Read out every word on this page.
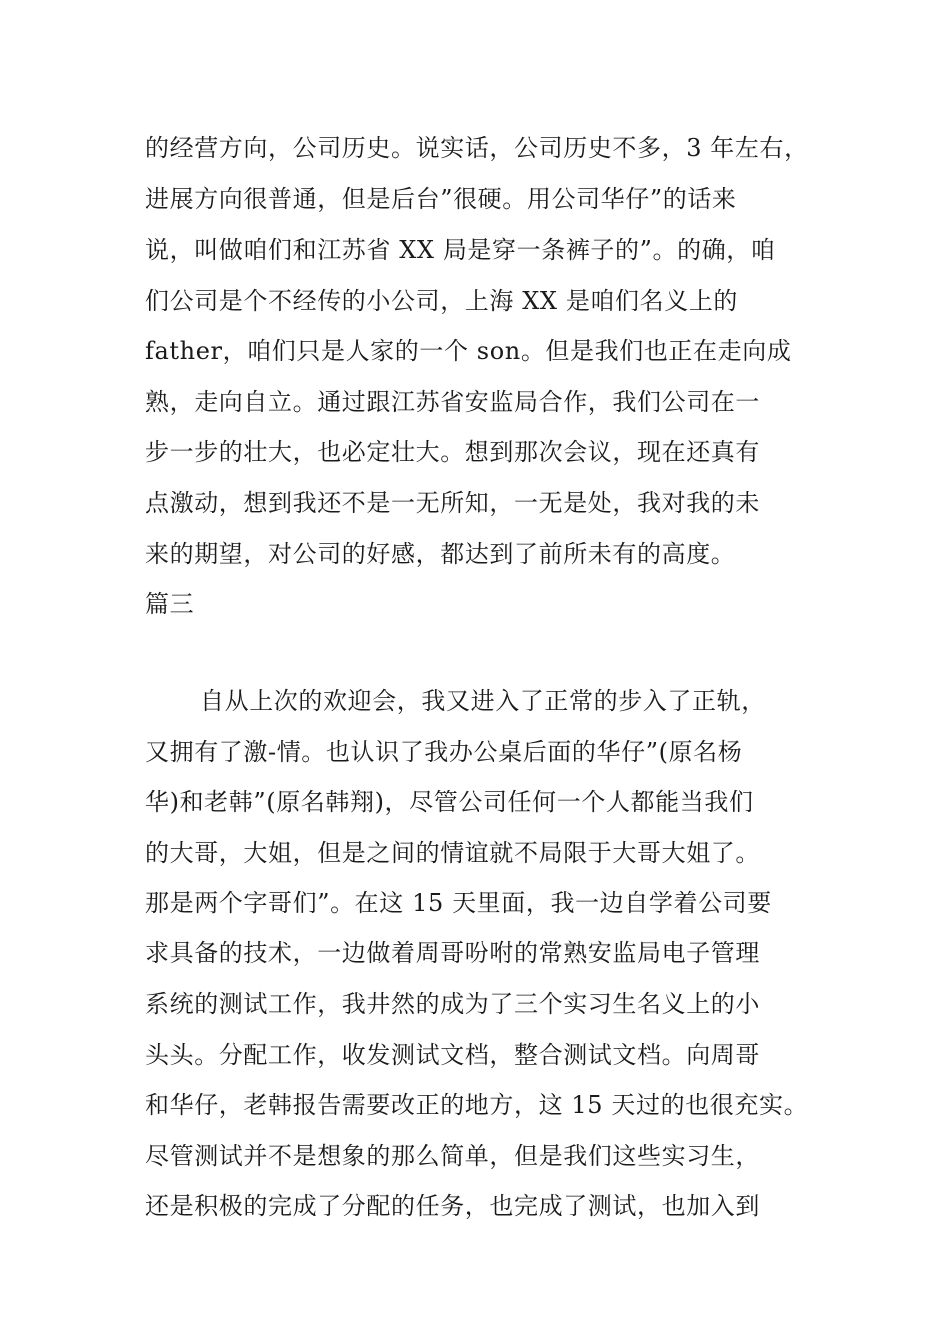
的经营方向，公司历史。说实话，公司历史不多，3 年左右，

进展方向很普通，但是后台”很硬。用公司华仔”的话来

说，叫做咱们和江苏省 XX 局是穿一条裤子的”。的确，咱

们公司是个不经传的小公司，上海 XX 是咱们名义上的

father，咱们只是人家的一个 son。但是我们也正在走向成

熟，走向自立。通过跟江苏省安监局合作，我们公司在一

步一步的壮大，也必定壮大。想到那次会议，现在还真有

点激动，想到我还不是一无所知，一无是处，我对我的未

来的期望，对公司的好感，都达到了前所未有的高度。

篇三

自从上次的欢迎会，我又进入了正常的步入了正轨，

又拥有了激-情。也认识了我办公桌后面的华仔”(原名杨

华)和老韩”(原名韩翔)，尽管公司任何一个人都能当我们

的大哥，大姐，但是之间的情谊就不局限于大哥大姐了。

那是两个字哥们”。在这 15 天里面，我一边自学着公司要

求具备的技术，一边做着周哥吩咐的常熟安监局电子管理

系统的测试工作，我井然的成为了三个实习生名义上的小

头头。分配工作，收发测试文档，整合测试文档。向周哥

和华仔，老韩报告需要改正的地方，这 15 天过的也很充实。

尽管测试并不是想象的那么简单，但是我们这些实习生，

还是积极的完成了分配的任务，也完成了测试，也加入到
